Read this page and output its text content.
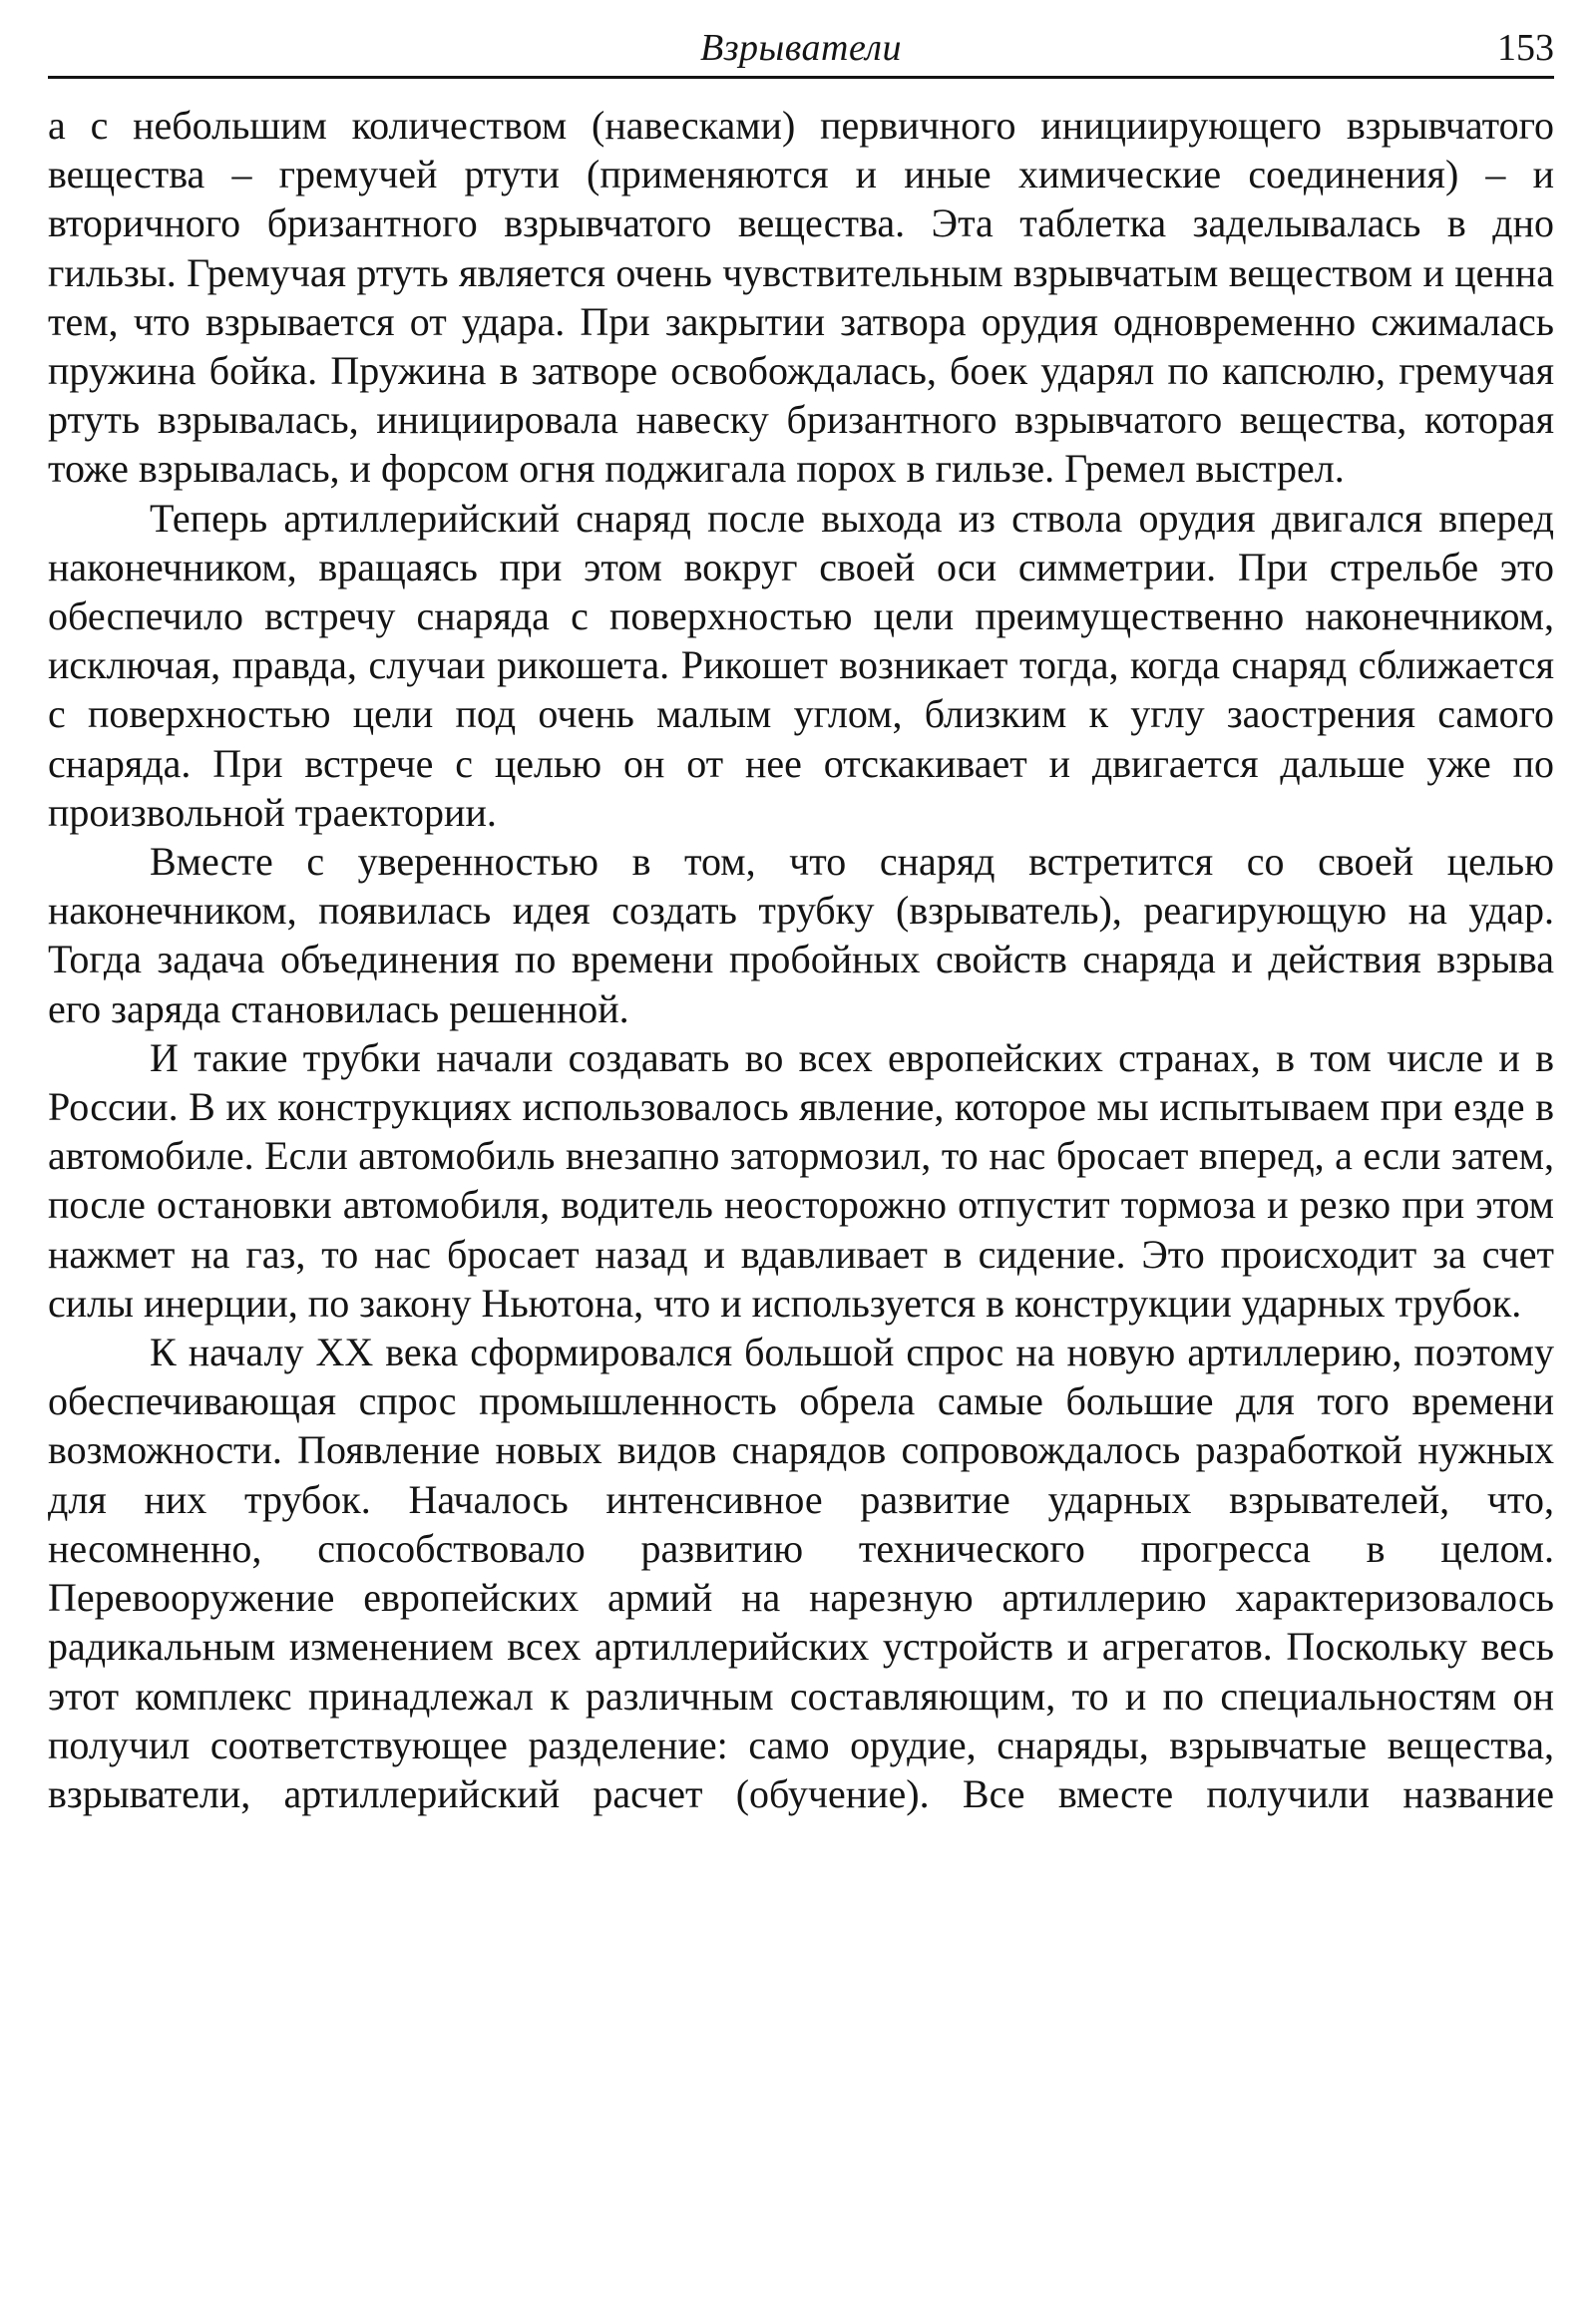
Взрыватели	153

а с небольшим количеством (навесками) первичного инициирующего взрывчатого вещества – гремучей ртути (применяются и иные химические соединения) – и вторичного бризантного взрывчатого вещества. Эта таблетка заделывалась в дно гильзы. Гремучая ртуть является очень чувствительным взрывчатым веществом и ценна тем, что взрывается от удара. При закрытии затвора орудия одновременно сжималась пружина бойка. Пружина в затворе освобождалась, боек ударял по капсюлю, гремучая ртуть взрывалась, инициировала навеску бризантного взрывчатого вещества, которая тоже взрывалась, и форсом огня поджигала порох в гильзе. Гремел выстрел.

Теперь артиллерийский снаряд после выхода из ствола орудия двигался вперед наконечником, вращаясь при этом вокруг своей оси симметрии. При стрельбе это обеспечило встречу снаряда с поверхностью цели преимущественно наконечником, исключая, правда, случаи рикошета. Рикошет возникает тогда, когда снаряд сближается с поверхностью цели под очень малым углом, близким к углу заострения самого снаряда. При встрече с целью он от нее отскакивает и двигается дальше уже по произвольной траектории.

Вместе с уверенностью в том, что снаряд встретится со своей целью наконечником, появилась идея создать трубку (взрыватель), реагирующую на удар. Тогда задача объединения по времени пробойных свойств снаряда и действия взрыва его заряда становилась решенной.

И такие трубки начали создавать во всех европейских странах, в том числе и в России. В их конструкциях использовалось явление, которое мы испытываем при езде в автомобиле. Если автомобиль внезапно затормозил, то нас бросает вперед, а если затем, после остановки автомобиля, водитель неосторожно отпустит тормоза и резко при этом нажмет на газ, то нас бросает назад и вдавливает в сидение. Это происходит за счет силы инерции, по закону Ньютона, что и используется в конструкции ударных трубок.

К началу XX века сформировался большой спрос на новую артиллерию, поэтому обеспечивающая спрос промышленность обрела самые большие для того времени возможности. Появление новых видов снарядов сопровождалось разработкой нужных для них трубок. Началось интенсивное развитие ударных взрывателей, что, несомненно, способствовало развитию технического прогресса в целом. Перевооружение европейских армий на нарезную артиллерию характеризовалось радикальным изменением всех артиллерийских устройств и агрегатов. Поскольку весь этот комплекс принадлежал к различным составляющим, то и по специальностям он получил соответствующее разделение: само орудие, снаряды, взрывчатые вещества, взрыватели, артиллерийский расчет (обучение). Все вместе получили название
